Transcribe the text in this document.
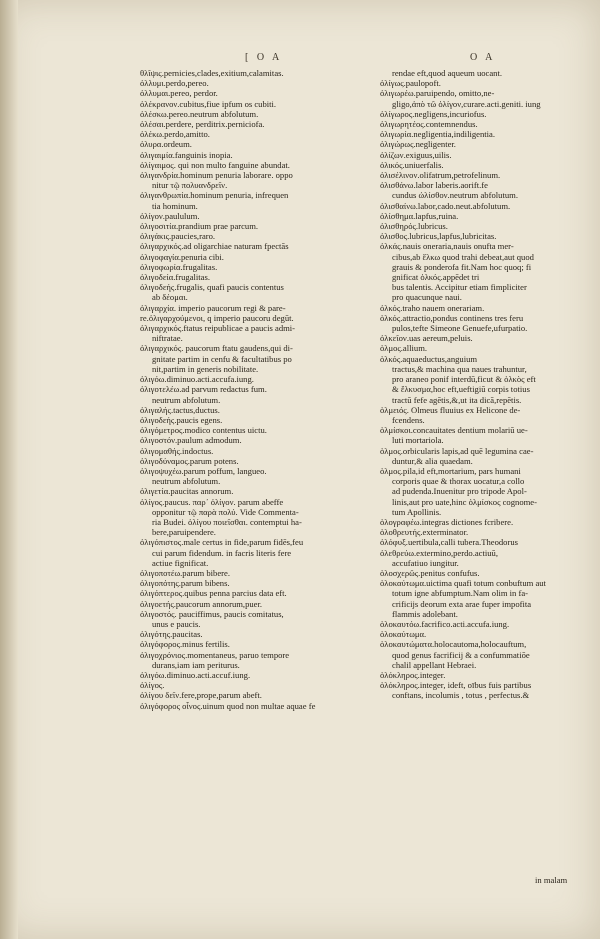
[ O A	O A
✱ θλῖψις.pernicies,clades,exitium,calamitas.
ὀλλυμι.perdo,pereo.
ὀλλυμαι.pereo, perdor.
ὀλέκρανον.cubitus,fiue ipfum os cubiti.
ὀλέσκω.pereo.neutrum abfolutum.
ὀλέσαι.perdere, perditrix.perniciofa.
✱ ὀλέκω.perdo,amitto.
ὀλυρα.ordeum.
✱ ὀλιγαιμία.fanguinis inopia.
✱ ὀλίγαιμος. qui non multo fanguine abundat.
✱ ὀλιγανδρία.hominum penuria laborare. oppo
nitur τῷ πολυανδρεῖν.
ὀλιγανθρωπία.hominum penuria, infrequen
tia hominum.
✱ ὀλίγον.paululum.
✱ ὀλιγοσιτία.prandium prae parcum.
ὀλιγάκις.paucies,raro.
ὀλιγαρχικός.ad oligarchiae naturam fpectās
ὀλιγοφαγία.penuria cibi.
ὀλιγοφωρία.frugalitas.
✱ ὀλιγοδεία.frugalitas.
✱ ὀλιγοδεής.frugalis, quafi paucis contentus
ab δέομαι.
✱ ὀλιγαρχία. imperio paucorum regi & pare-
re.ὀλιγαρχούμενοι, q imperio paucoru degūt.
ὀλιγαρχικός.ftatus reipublicae a paucis admi-
niftratae.
✱ ὀλιγαρχικός. paucorum ftatu gaudens,qui di-
gnitate partim in cenfu & facultatibus po
nit,partim in generis nobilitate.
ὀλιγόω.diminuo.acti.accufa.iung.
ὀλιγοτελέω.ad parvum redactus fum.
neutrum abfolutum.
✱ ὀλιγαλής.tactus,ductus.
ὀλιγοδεής.paucis egens.
ὀλιγόμετρος.modico contentus uictu.
ὀλιγοστόν.paulum admodum.
ὀλιγομαθής.indoctus.
ὀλιγοδύναμος.parum potens.
ὀλιγοψυχέω.parum poffum, langueo.
neutrum abfolutum.
ὀλιγετία.paucitas annorum.
✱ ὀλίγος.paucus. παρ᾿ ὀλίγον. parum abeffe
opponitur τῷ παρὰ πολύ. Vide Commenta-
ria Budei. ὀλίγου ποιεῖσθαι. contemptui ha-
bere,paruipendere.
✱ ὀλιγόπιστος.male certus in fide,parum fidēs,feu
cui parum fidendum. in facris literis fere
actiue fignificat.
✱ ὀλιγοποτέω.parum bibere.
✱ ὀλιγοπότης.parum bibens.
ὀλιγόπτερος.quibus penna parcius data eft.
ὀλιγοετής.paucorum annorum,puer.
✱ ὀλιγοστός. pauciffimus, paucis comitatus,
unus e paucis.
ὀλιγότης.paucitas.
✱ ὀλιγόφορος.minus fertilis.
ὀλιγοχρόνιος.momentaneus, paruo tempore
durans,iam iam periturus.
ὀλιγόω.diminuo.acti.accuf.iung.
ὀλίγος.
ὀλίγου δεῖν.fere,prope,parum abeft.
✱ ὀλιγόφορος οἶνος.uinum quod non multae aquae fe
rendae eft,quod aqueum uocant.
ὀλίγως.paulopoft.
ὀλιγωρέω.paruipendo, omitto,ne-
gligo,ἀπὸ τῶ ὀλίγον,curare.acti.geniti. iung
ὀλίγωρος.negligens,incuriofus.
ὀλιγωρητέος.contemnendus.
ὀλιγωρία.negligentia,indiligentia.
ὀλιγώρως.negligenter.
ὀλίζων.exiguus,uilis.
ὀλικός.uniuerfalis.
ὀλισέλινον.olifatrum,petrofelinum.
ὀλισθάνω.labor laberis.aorift.fe
cundus ὠλίσθον.neutrum abfolutum.
ὀλισθαίνω.labor,cado.neut.abfolutum.
ὀλίσθημα.lapfus,ruina.
ὀλισθηρός.lubricus.
ὀλισθος.lubricus,lapfus,lubricitas.
✱ ὀλκάς.nauis oneraria,nauis onufta mer-
cibus,ab ἕλκω quod trahi debeat,aut quod
grauis & ponderofa fit.Nam hoc quoq; fi
gnificat ὁλκός.appēdet tri
bus talentis. Accipitur etiam fimpliciter
pro quacunque naui.
ὀλκός.traho nauem onerariam.
ὁλκός.attractio,pondus continens tres feru
pulos,tefte Simeone Genuefe,ufurpatio.
ὀλκεῖον.uas aereum,peluis.
ὁλμος.allium.
ὁλκός.aquaeductus,anguium
tractus,& machina qua naues trahuntur,
✱ pro araneo ponif interdū,ficut & ὁλκὸς eft
& ἕλκυσμα,hoc eft,ueftigiū corpis totius
tractū fefe agētis,&,ut ita dicā,repētis.
ὁλμειός. Olmeus fluuius ex Helicone de-
fcendens.
ὁλμίσκοι.concauitates dentium molariū ue-
luti mortariola.
✱ ὁλμος.orbicularis lapis,ad quē legumina cae-
duntur,& alia quaedam.
ὁλμος.pila,id eft,mortarium, pars humani
corporis quae & thorax uocatur,a collo
ad pudenda.Inuenitur pro tripode Apol-
linis,aut pro uate,hinc ὁλμίσκος cognome-
tum Apollinis.
✱ ὁλογραφέω.integras dictiones fcribere.
ὁλοθρευτής.exterminator.
ὀλόφυξ.uertibula,calli tubera.Theodorus
ὀλεθρεύω.extermino,perdo.actiuū,
accufatiuo iungitur.
✱ ὁλοσχερῶς.penitus confufus.
ὁλοκαύτωμα.uictima quafi totum conbuftum aut
totum igne abfumptum.Nam olim in fa-
crificijs deorum exta arae fuper impofita
flammis adolebant.
ὁλοκαυτόω.facrifico.acti.accufa.iung.
ὁλοκαύτωμα.
ὁλοκαυτώματα.holocautoma,holocauftum,
quod genus facrificij & a confummatiōe
chalil appellant Hebraei.
ὁλόκληρος.integer.
ὁλόκληρος.integer, ideft, oībus fuis partibus
conftans, incolumis , totus , perfectus.&
in malam
